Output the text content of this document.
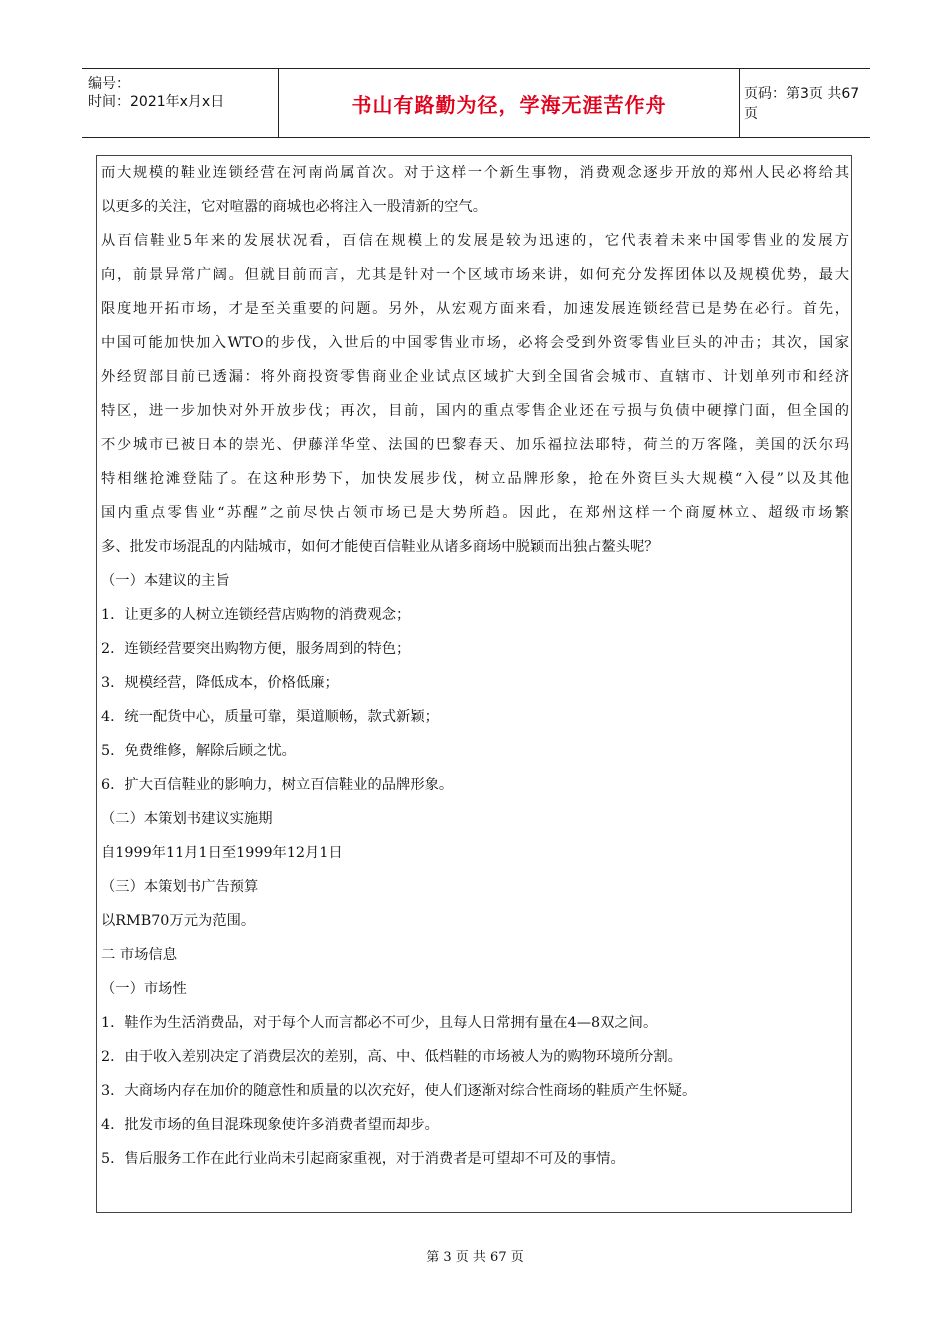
编号：
时间：2021年x月x日	书山有路勤为径，学海无涯苦作舟	页码：第3页 共67页
而大规模的鞋业连锁经营在河南尚属首次。对于这样一个新生事物，消费观念逐步开放的郑州人民必将给其
以更多的关注，它对喧嚣的商城也必将注入一股清新的空气。
从百信鞋业5年来的发展状况看，百信在规模上的发展是较为迅速的，它代表着未来中国零售业的发展方
向，前景异常广阔。但就目前而言，尤其是针对一个区域市场来讲，如何充分发挥团体以及规模优势，最大
限度地开拓市场，才是至关重要的问题。另外，从宏观方面来看，加速发展连锁经营已是势在必行。首先，
中国可能加快加入WTO的步伐，入世后的中国零售业市场，必将会受到外资零售业巨头的冲击；其次，国家
外经贸部目前已透漏：将外商投资零售商业企业试点区域扩大到全国省会城市、直辖市、计划单列市和经济
特区，进一步加快对外开放步伐；再次，目前，国内的重点零售企业还在亏损与负债中硬撑门面，但全国的
不少城市已被日本的崇光、伊藤洋华堂、法国的巴黎春天、加乐福拉法耶特，荷兰的万客隆，美国的沃尔玛
特相继抢滩登陆了。在这种形势下，加快发展步伐，树立品牌形象，抢在外资巨头大规模“入侵”以及其他
国内重点零售业“苏醒”之前尽快占领市场已是大势所趋。因此，在郑州这样一个商厦林立、超级市场繁
多、批发市场混乱的内陆城市，如何才能使百信鞋业从诸多商场中脱颖而出独占鳌头呢？
（一）本建议的主旨
1．让更多的人树立连锁经营店购物的消费观念；
2．连锁经营要突出购物方便，服务周到的特色；
3．规模经营，降低成本，价格低廉；
4．统一配货中心，质量可靠，渠道顺畅，款式新颖；
5．免费维修，解除后顾之忧。
6．扩大百信鞋业的影响力，树立百信鞋业的品牌形象。
（二）本策划书建议实施期
自1999年11月1日至1999年12月1日
（三）本策划书广告预算
以RMB70万元为范围。
二 市场信息
（一）市场性
1．鞋作为生活消费品，对于每个人而言都必不可少，且每人日常拥有量在4—8双之间。
2．由于收入差别决定了消费层次的差别，高、中、低档鞋的市场被人为的购物环境所分割。
3．大商场内存在加价的随意性和质量的以次充好，使人们逐渐对综合性商场的鞋质产生怀疑。
4．批发市场的鱼目混珠现象使许多消费者望而却步。
5．售后服务工作在此行业尚未引起商家重视，对于消费者是可望却不可及的事情。
第 3 页 共 67 页
